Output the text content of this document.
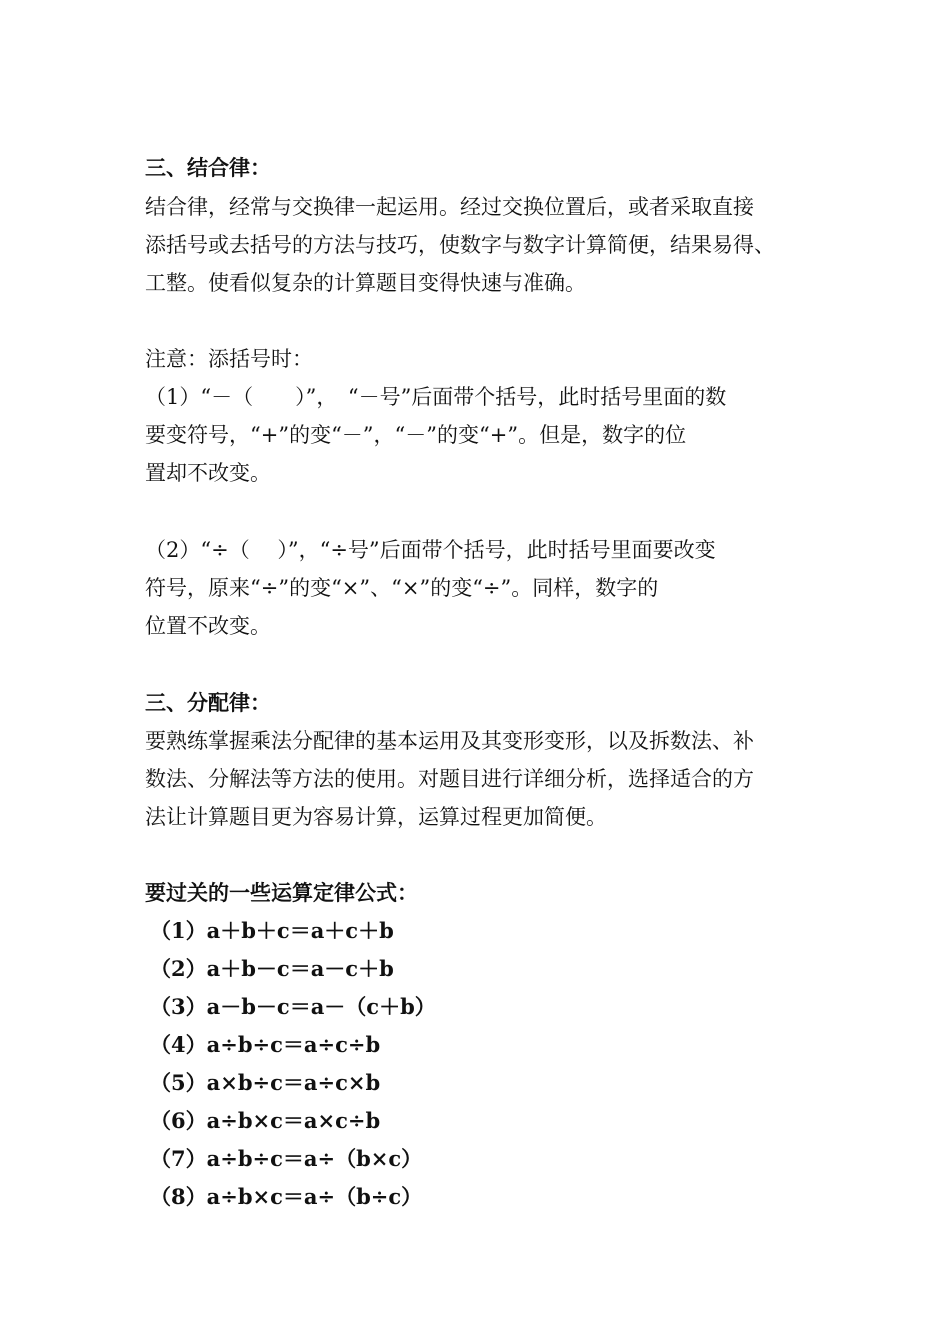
三、结合律：
结合律，经常与交换律一起运用。经过交换位置后，或者采取直接
添括号或去括号的方法与技巧，使数字与数字计算简便，结果易得、
工整。使看似复杂的计算题目变得快速与准确。
注意：添括号时：
（1）“－（　　）”，　“－号”后面带个括号，此时括号里面的数
要变符号，“+”的变“－”，“－”的变“+”。但是，数字的位
置却不改变。
（2）“÷（　 ）”，“÷号”后面带个括号，此时括号里面要改变
符号，原来“÷”的变“×”、“×”的变“÷”。同样，数字的
位置不改变。
三、分配律：
要熟练掌握乘法分配律的基本运用及其变形变形，以及拆数法、补
数法、分解法等方法的使用。对题目进行详细分析，选择适合的方
法让计算题目更为容易计算，运算过程更加简便。
要过关的一些运算定律公式：
（1）a＋b＋c＝a＋c＋b
（2）a＋b－c＝a－c＋b
（3）a－b－c＝a－（c＋b）
（4）a÷b÷c＝a÷c÷b
（5）a×b÷c＝a÷c×b
（6）a÷b×c＝a×c÷b
（7）a÷b÷c＝a÷（b×c）
（8）a÷b×c＝a÷（b÷c）
